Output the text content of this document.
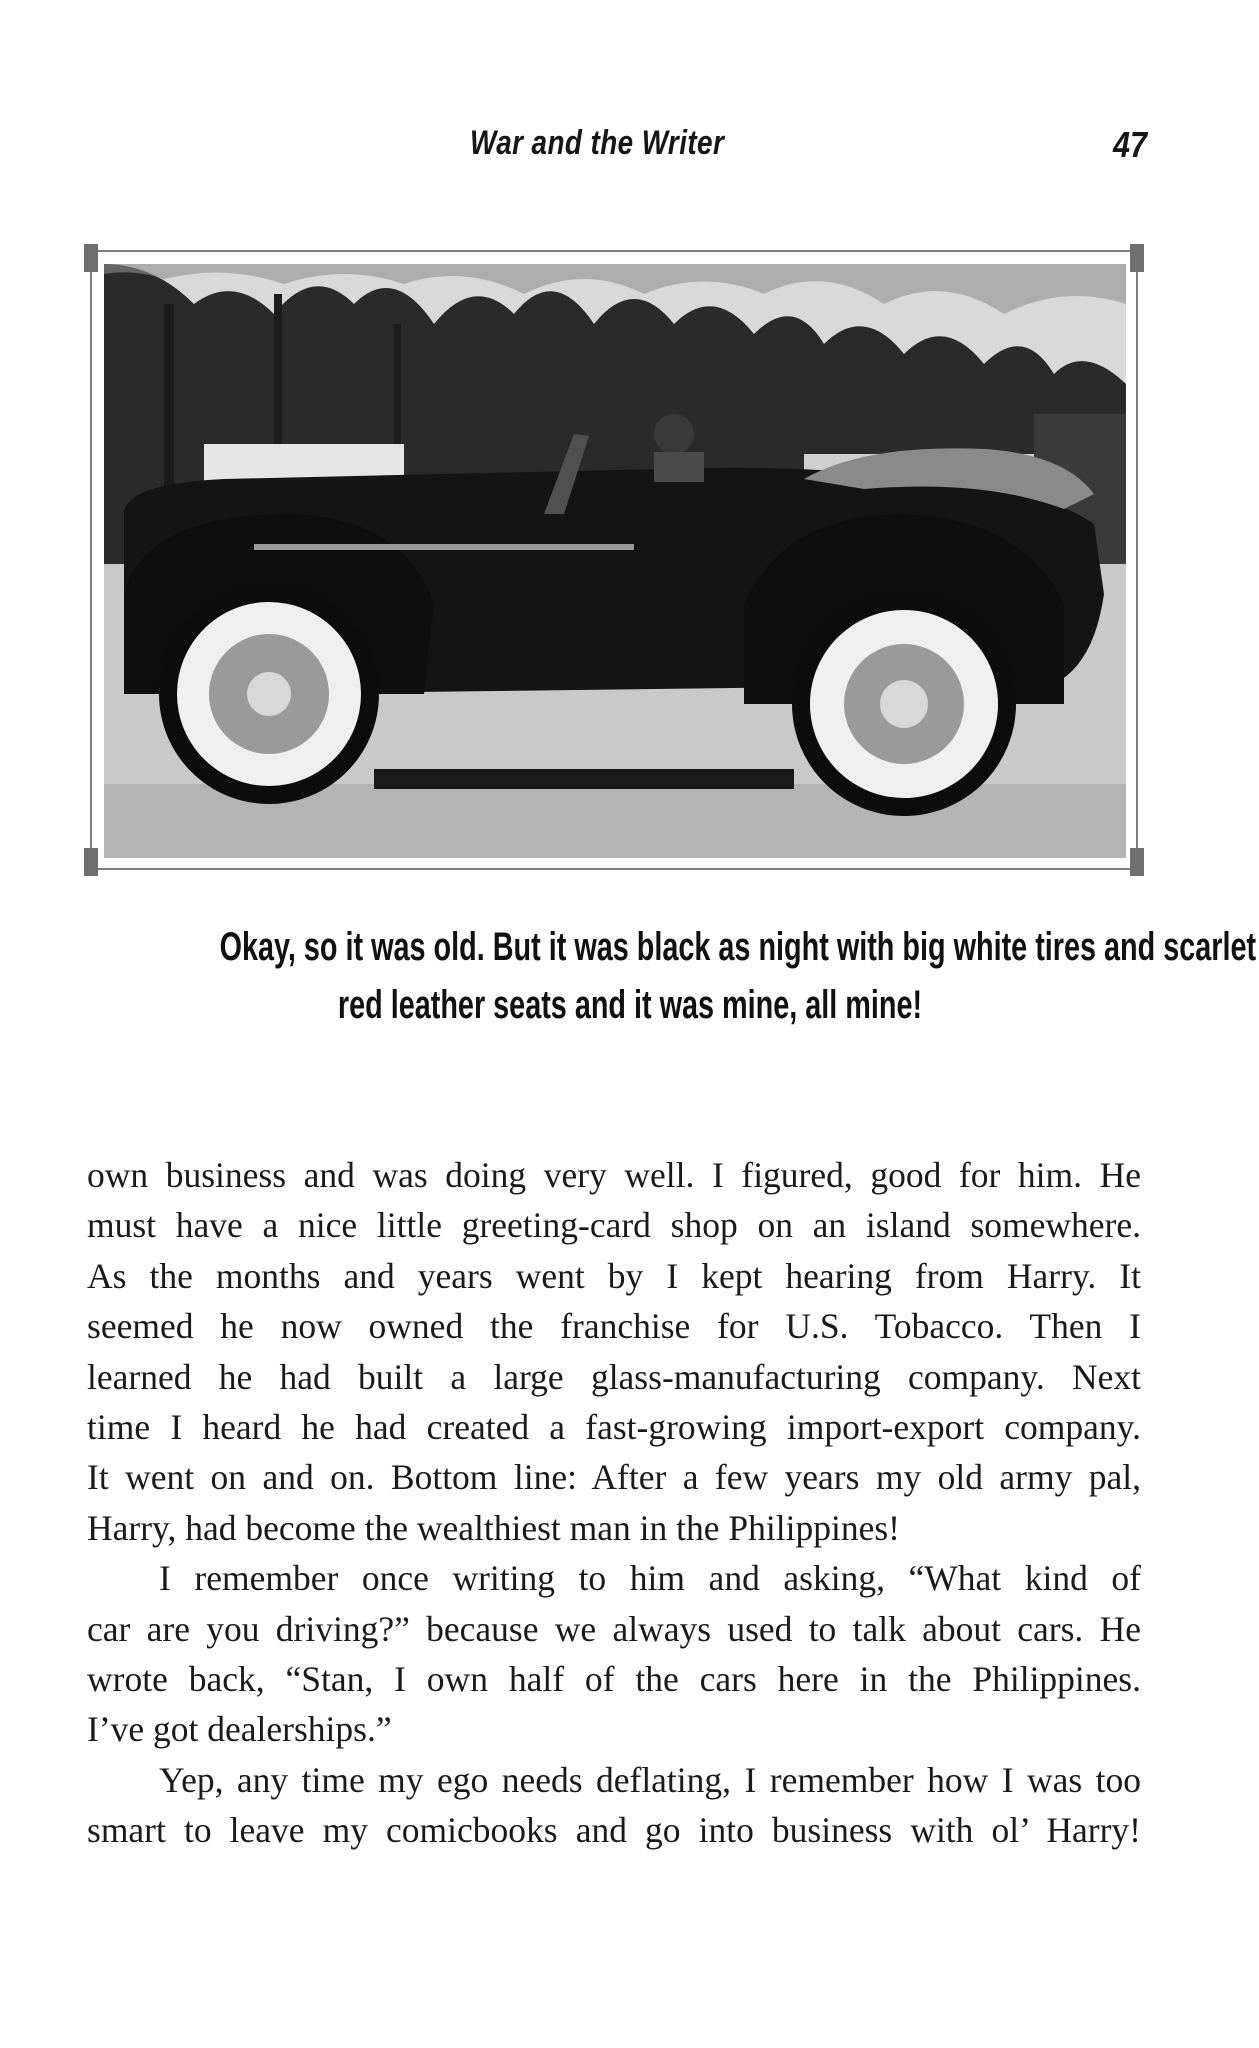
War and the Writer	47
Okay, so it was old. But it was black as night with big white tires and scarlet
red leather seats and it was mine, all mine!
own business and was doing very well. I figured, good for him. He
must have a nice little greeting-card shop on an island somewhere.
As the months and years went by I kept hearing from Harry. It
seemed he now owned the franchise for U.S. Tobacco. Then I
learned he had built a large glass-manufacturing company. Next
time I heard he had created a fast-growing import-export company.
It went on and on. Bottom line: After a few years my old army pal,
Harry, had become the wealthiest man in the Philippines!
I remember once writing to him and asking, “What kind of
car are you driving?” because we always used to talk about cars. He
wrote back, “Stan, I own half of the cars here in the Philippines.
I’ve got dealerships.”
Yep, any time my ego needs deflating, I remember how I was too
smart to leave my comicbooks and go into business with ol’ Harry!
